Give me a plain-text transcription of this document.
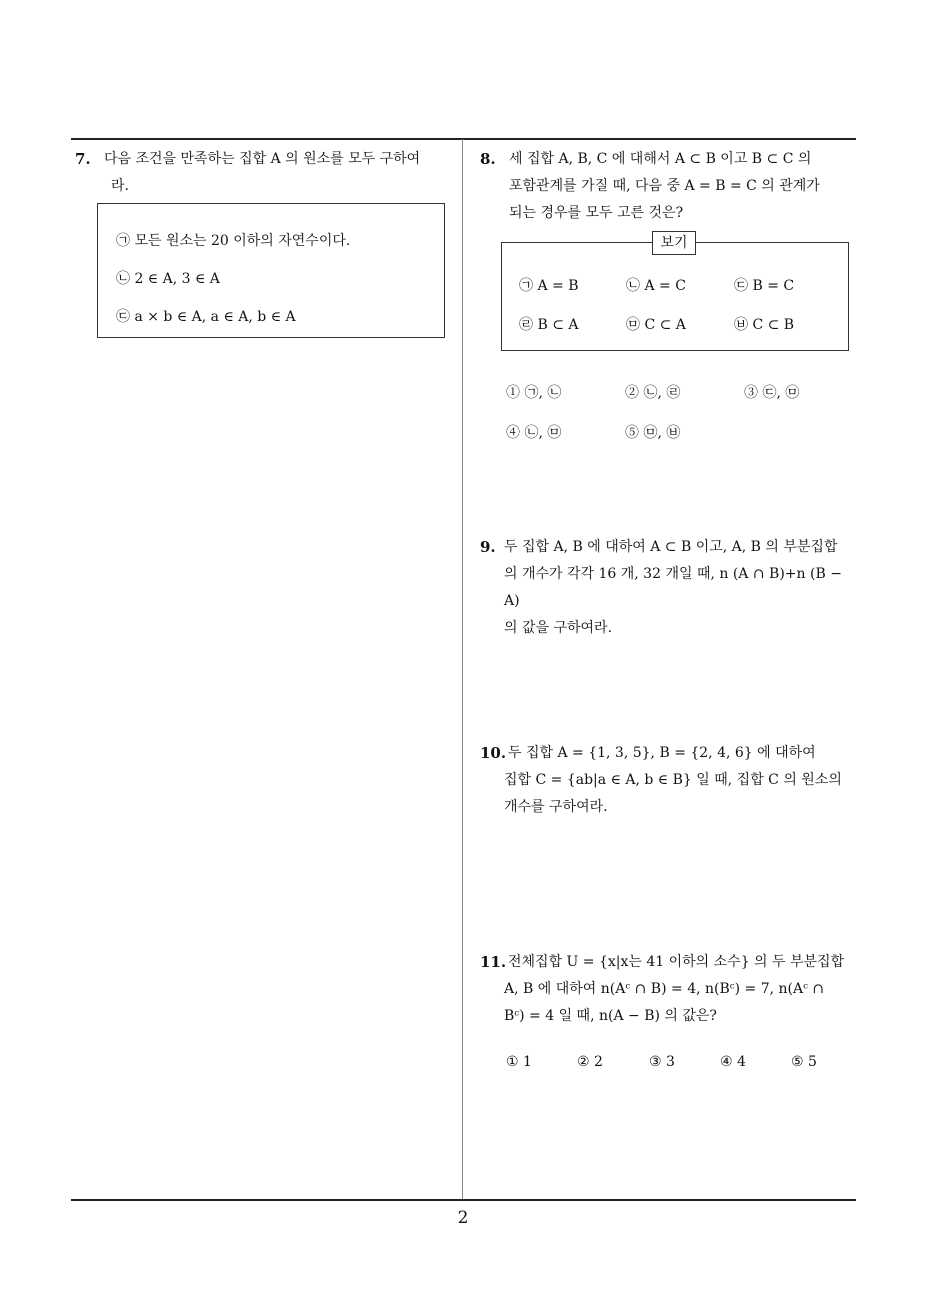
7. 다음 조건을 만족하는 집합 A 의 원소를 모두 구하여

라.

㉠ 모든 원소는 20 이하의 자연수이다.
㉡ 2 ∈ A, 3 ∈ A
㉢ a × b ∈ A, a ∈ A, b ∈ A
8. 세 집합 A, B, C 에 대해서 A ⊂ B 이고 B ⊂ C 의

포함관계를 가질 때, 다음 중 A = B = C 의 관계가

되는 경우를 모두 고른 것은?

보기
㉠ A = B	㉡ A = C	㉢ B = C
㉣ B ⊂ A	㉤ C ⊂ A	㉥ C ⊂ B
① ㉠, ㉡	② ㉡, ㉣	③ ㉢, ㉤
④ ㉡, ㉤	⑤ ㉤, ㉥
9. 두 집합 A, B 에 대하여 A ⊂ B 이고, A, B 의 부분집합

의 개수가 각각 16 개, 32 개일 때, n (A ∩ B)+n (B − A)

의 값을 구하여라.

10. 두 집합 A = {1, 3, 5}, B = {2, 4, 6} 에 대하여

집합 C = {ab|a ∈ A, b ∈ B} 일 때, 집합 C 의 원소의

개수를 구하여라.

11. 전체집합 U = {x|x는 41 이하의 소수} 의 두 부분집합

A, B 에 대하여 n(Aᶜ ∩ B) = 4, n(Bᶜ) = 7, n(Aᶜ ∩

Bᶜ) = 4 일 때, n(A − B) 의 값은?

① 1	② 2	③ 3	④ 4	⑤ 5
2
